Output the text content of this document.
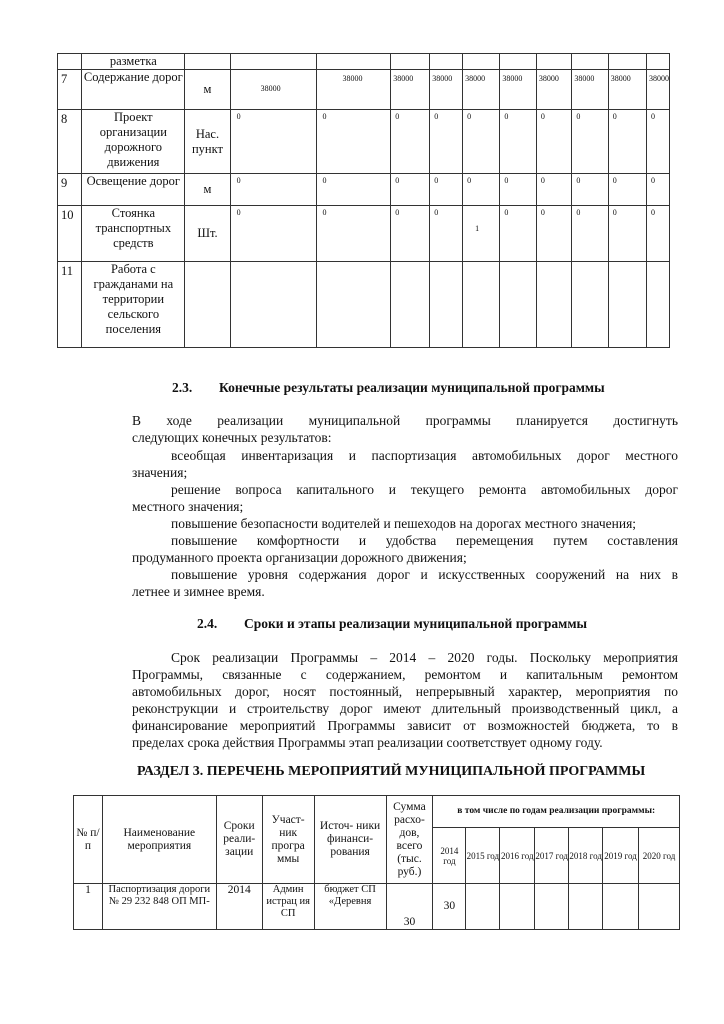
	разметка		

7	Содержание дорог	м	38000	38000	38000	38000	38000	38000	38000	38000	38000	38000

8	Проект организации дорожного движения	Нас. пункт	0	0	0	0	0	0	0	0	0	0

9	Освещение дорог	м	0	0	0	0	0	0	0	0	0	0

10	Стоянка транспортных средств	Шт.	0	0	0	0	1	0	0	0	0	0

11	Работа с гражданами на территории сельского поселения		

2.3. Конечные результаты реализации муниципальной программы
В ходе реализации муниципальной программы планируется достигнуть
следующих конечных результатов:
всеобщая инвентаризация и паспортизация автомобильных дорог местного
значения;
решение вопроса капитального и текущего ремонта автомобильных дорог
местного значения;
повышение безопасности водителей и пешеходов на дорогах местного значения;
повышение комфортности и удобства перемещения путем составления
продуманного проекта организации дорожного движения;
повышение уровня содержания дорог и искусственных сооружений на них в
летнее и зимнее время.
2.4. Сроки и этапы реализации муниципальной программы
Срок реализации Программы – 2014 – 2020 годы. Поскольку мероприятия
Программы, связанные с содержанием, ремонтом и капитальным ремонтом
автомобильных дорог, носят постоянный, непрерывный характер, мероприятия по
реконструкции и строительству дорог имеют длительный производственный цикл, а
финансирование мероприятий Программы зависит от возможностей бюджета, то в
пределах срока действия Программы этап реализации соответствует одному году.
РАЗДЕЛ 3. ПЕРЕЧЕНЬ МЕРОПРИЯТИЙ МУНИЦИПАЛЬНОЙ ПРОГРАММЫ
№ п/ п	Наименование мероприятия	Сроки реали- зации	Участ- ник програ ммы	Источ- ники финанси- рования	Сумма расхо- дов, всего (тыс. руб.)	в том числе по годам реализации программы:						
						2014 год	2015 год	2016 год	2017 год	2018 год	2019 год	2020 год
1	Паспортизация дороги № 29 232 848 ОП МП-	2014	Админ истрац ия СП	бюджет СП «Деревня	30	30						
